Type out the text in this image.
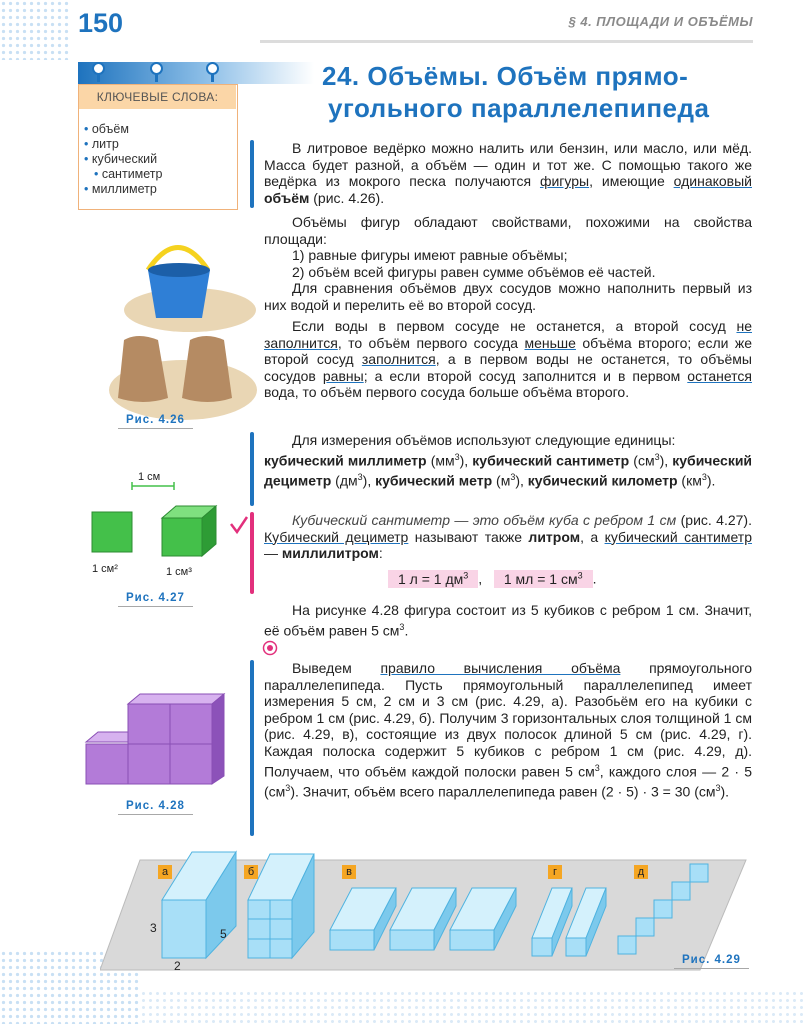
150	§ 4. ПЛОЩАДИ И ОБЪЁМЫ
КЛЮЧЕВЫЕ СЛОВА:
• объём
• литр
• кубический
• сантиметр
• миллиметр
24. Объёмы. Объём прямо-
угольного параллелепипеда
В литровое ведёрко можно налить или бензин, или масло, или мёд. Масса будет разной, а объём — один и тот же. С помощью такого же ведёрка из мокрого песка получаются фигуры, имеющие одинаковый объём (рис. 4.26).
Объёмы фигур обладают свойствами, похожими на свойства площади:
1) равные фигуры имеют равные объёмы;
2) объём всей фигуры равен сумме объёмов её частей.
Для сравнения объёмов двух сосудов можно наполнить первый из них водой и перелить её во второй сосуд.
Если воды в первом сосуде не останется, а второй сосуд не заполнится, то объём первого сосуда меньше объёма второго; если же второй сосуд заполнится, а в первом воды не останется, то объёмы сосудов равны; а если второй сосуд заполнится и в первом останется вода, то объём первого сосуда больше объёма второго.
Рис. 4.26
Для измерения объёмов используют следующие единицы:
кубический миллиметр $(мм^3)$, кубический сантиметр $(см^3)$, кубический дециметр $(дм^3)$, кубический метр $(м^3)$, кубический километр $(км^3)$.
1 см
1 см²	1 см³
Рис. 4.27
Кубический сантиметр — это объём куба с ребром 1 см (рис. 4.27). Кубический дециметр называют также литром, а кубический сантиметр — миллилитром:
1 л = 1 $дм^3$ , 1 мл = 1 $см^3$ .
На рисунке 4.28 фигура состоит из 5 кубиков с ребром 1 см. Значит, её объём равен 5 $см^3$.
Рис. 4.28
Выведем правило вычисления объёма прямоугольного параллелепипеда. Пусть прямоугольный параллелепипед имеет измерения 5 см, 2 см и 3 см (рис. 4.29, а). Разобьём его на кубики с ребром 1 см (рис. 4.29, б). Получим 3 горизонтальных слоя толщиной 1 см (рис. 4.29, в), состоящие из двух полосок длиной 5 см (рис. 4.29, г). Каждая полоска содержит 5 кубиков с ребром 1 см (рис. 4.29, д). Получаем, что объём каждой полоски равен 5 $см^3$, каждого слоя — 2 · 5 $(см^3)$. Значит, объём всего параллелепипеда равен (2 · 5) · 3 = 30 $(см^3)$.
а	б	в	г	д
3	5
2	Рис. 4.29
